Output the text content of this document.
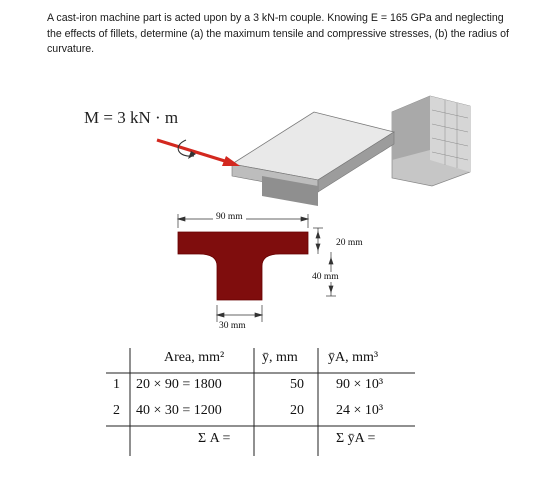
A cast-iron machine part is acted upon by a 3 kN-m couple. Knowing E = 165 GPa and neglecting the effects of fillets, determine (a) the maximum tensile and compressive stresses, (b) the radius of curvature.
M = 3 kN · m
90 mm
20 mm
40 mm
30 mm
Area, mm²	ȳ, mm ȳA, mm³
1 20 × 90 = 1800	50 90 × 10³
2 40 × 30 = 1200	20 24 × 10³
Σ A =	Σ ȳA =
